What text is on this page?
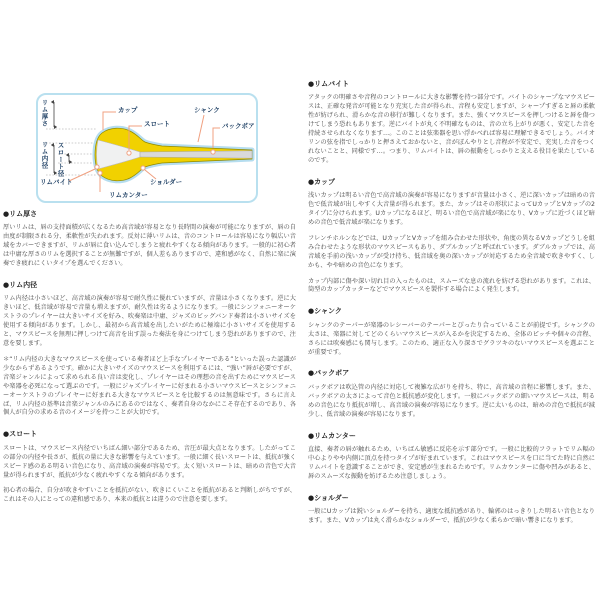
カップ
スロート
シャンク
バックボア
リムバイト
リムカンター
ショルダー
リム厚さ
リム内径 スロート径
●リム厚さ

厚いリムは、唇の支持面積が広くなるため高音域が容易となり長時間の演奏が可能になりますが、唇の自由度が制限される分、柔軟性が失われます。反対に薄いリムは、音のコントロールは容易になり幅広い音域をカバーできますが、リムが唇に食い込んでしまうと疲れやすくなる傾向があります。一般的に初心者は中庸な厚さのリムを選択することが無難ですが、個人差もありますので、違和感がなく、自然に楽に演奏でき疲れにくいタイプを選んでください。

●リム内径

リム内径は小さいほど、高音域の演奏が容易で耐久性に優れていますが、音量は小さくなります。逆に大きいほど、低音域が容易で音量も増えますが、耐久性は劣るようになります。一般にシンフォニーオーケストラのプレイヤーは大きいサイズを好み、吹奏楽は中庸、ジャズのビッグバンド奏者は小さいサイズを使用する傾向があります。しかし、最初から高音域を出したいがために極端に小さいサイズを使用すると、マウスピースを無理に押しつけて高音を出す誤った奏法を身につけてしまう恐れがありますので、注意を要します。

＊“リム内径の大きなマウスピースを使っている奏者ほど上手なプレイヤーである”といった誤った認識が少なからずあるようです。確かに大きいサイズのマウスピースを利用するには、“強い”唇が必要ですが、音楽ジャンルによって求められる良い音は変化し、プレイヤーはその理想の音を出すためにマウスピースや楽器を必死になって選ぶのです。一般にジャズプレイヤーに好まれる小さいマウスピースとシンフォニーオーケストラのプレイヤーに好まれる大きなマウスピースとを比較するのは無意味です。さらに言えば、リム内径の基準は音楽ジャンルのみにあるのではなく、奏者自身のなかにこそ存在するのであり、各個人が自分の求める音のイメージを持つことが大切です。

●スロート

スロートは、マウスピース内径でいちばん細い部分であるため、音圧が最大点となります。したがってこの部分の内径や長さが、抵抗の量に大きな影響を与えています。一般に細く長いスロートは、抵抗が強くスピード感のある明るい音色になり、高音域の演奏が容易です。太く短いスロートは、暗めの音色で大音量が得られますが、抵抗が少なく疲れやすくなる傾向があります。

初心者の場合、自分が吹きやすいことを抵抗がない、吹きにくいことを抵抗があると判断しがちですが、これはその人にとっての違和感であり、本来の抵抗とは違うので注意を要します。

●リムバイト

アタックの明確さや音程のコントロールに大きな影響を持つ部分です。バイトのシャープなマウスピースは、正確な発音が可能となり充実した音が得られ、音程も安定しますが、シャープすぎると唇の柔軟性が妨げられ、滑らかな音の移行が難しくなります。また、強くマウスピースを押しつけると唇を傷つけてしまう恐れもあります。逆にバイトが丸く不明確なものは、音の立ち上がりが悪く、安定した音を持続させられなくなります…。このことは弦楽器を思い浮かべれば容易に理解できるでしょう。バイオリンの弦を指でしっかりと押さえておかないと、音がぼんやりとし音程が不安定で、充実した音をつくれないことと、同様です…。つまり、リムバイトは、唇の振動をしっかりと支える役目を果たしているのです。

●カップ

浅いカップは明るい音色で高音域の演奏が容易になりますが音量は小さく、逆に深いカップは暗めの音色で低音域が出しやすく大音量が得られます。また、カップはその形状によってUカップとVカップの2タイプに分けられます。Uカップになるほど、明るい音色で高音域が楽になり、Vカップに近づくほど暗めの音色で低音域が楽になります。

フレンチホルンなどでは、UカップとVカップを組み合わせた形状や、角度の異なるVカップどうしを組み合わせたような形状のマウスピースもあり、ダブルカップと呼ばれています。ダブルカップでは、高音域を手前の浅いカップが受け持ち、低音域を奥の深いカップが対応するため全音域で吹きやすく、しかも、やや暗めの音色になります。

カップ内部に傷や深い切れ目の入ったものは、スムーズな息の流れを妨げる恐れがあります。これは、筒型のカップカッターなどでマウスピースを製作する場合によく発生します。

●シャンク

シャンクのテーパーが楽器のレシーバーのテーパーとぴったり合っていることが前提です。シャンクの太さは、楽器に対してどのくらいマウスピースが入るかを決定するため、全体のピッチや個々の音程、さらには吹奏感にも関与します。このため、適正な入り深さでグラツキのないマウスピースを選ぶことが重要です。

●バックボア

バックボアは吹込管の内径に対応して複雑な広がりを持ち、特に、高音域の音程に影響します。また、バックボアの太さによって音色と抵抗感が変化します。一般にバックボアの細いマウスピースは、明るめの音色になり抵抗が増し、高音域の演奏が容易になります。逆に太いものは、暗めの音色で抵抗が減少し、低音域の演奏が容易になります。

●リムカンター

直接、奏者の唇が触れるため、いちばん敏感に反応を示す部分です。一般に比較的フラットでリム幅の中心よりやや内側に頂点を持つタイプが好まれています。これはマウスピースを口に当てた時に自然にリムバイトを意識することができ、安定感が生まれるためです。リムカウンターに傷や凹みがあると、唇のスムーズな振動を妨げるため注意しましょう。

●ショルダー

一般にUカップは鋭いショルダーを持ち、適度な抵抗感があり、輪郭のはっきりした明るい音色となります。また、Vカップは丸く滑らかなショルダーで、抵抗が少なく柔らかで暗い響きになります。
